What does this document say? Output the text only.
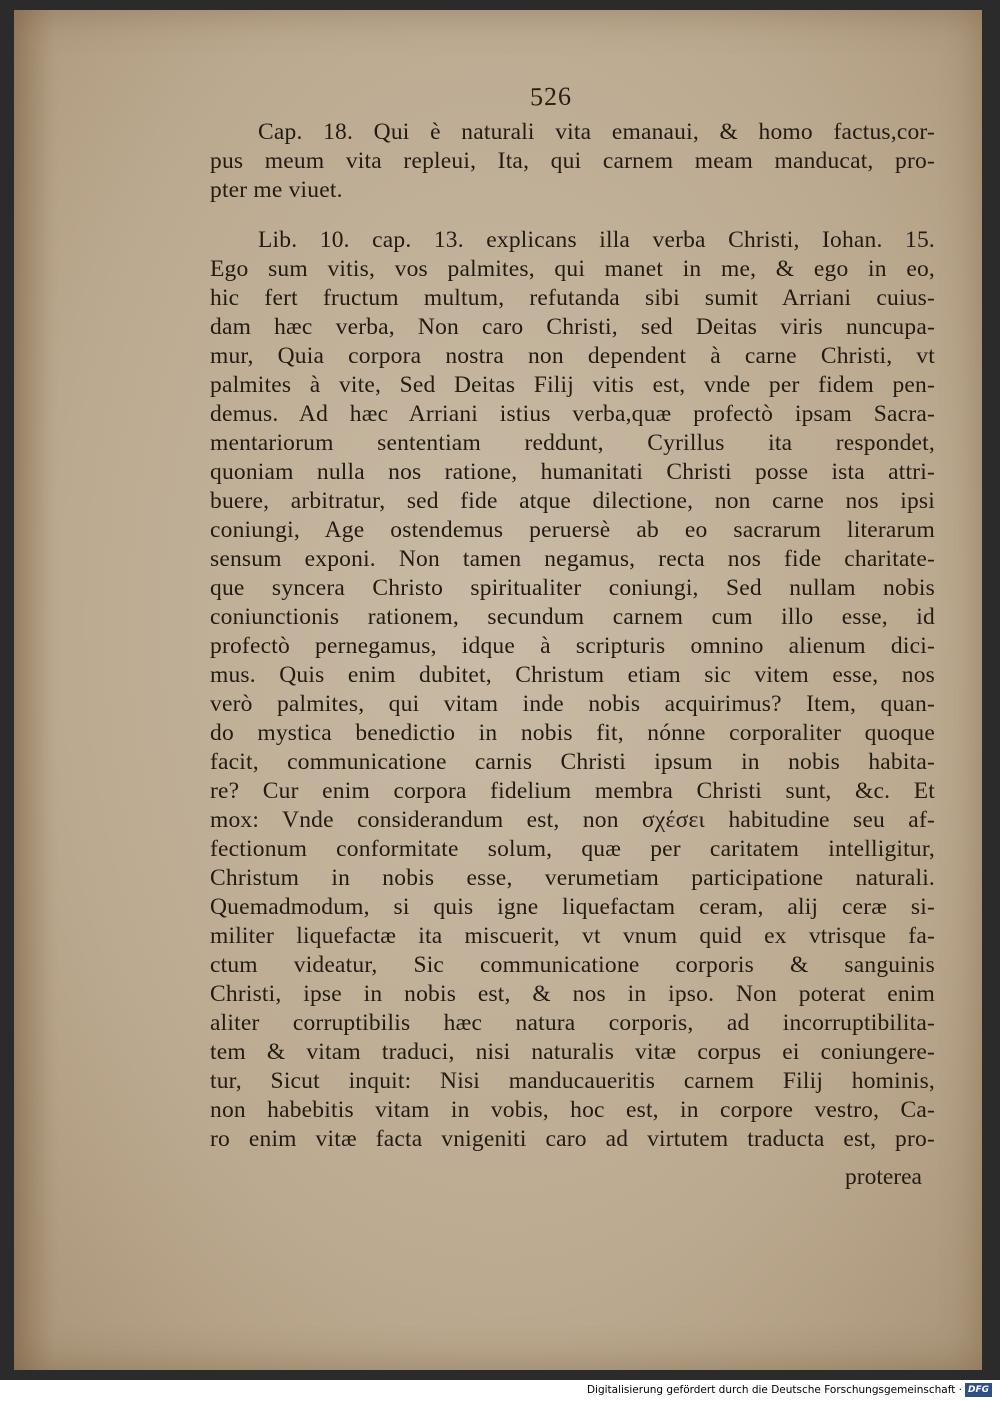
526
Cap. 18. Qui è naturali vita emanaui, & homo factus,cor-
pus meum vita repleui, Ita, qui carnem meam manducat, pro-
pter me viuet.
Lib. 10. cap. 13. explicans illa verba Christi, Iohan. 15.
Ego sum vitis, vos palmites, qui manet in me, & ego in eo,
hic fert fructum multum, refutanda sibi sumit Arriani cuius-
dam hæc verba, Non caro Christi, sed Deitas viris nuncupa-
mur, Quia corpora nostra non dependent à carne Christi, vt
palmites à vite, Sed Deitas Filij vitis est, vnde per fidem pen-
demus. Ad hæc Arriani istius verba,quæ profectò ipsam Sacra-
mentariorum sententiam reddunt, Cyrillus ita respondet,
quoniam nulla nos ratione, humanitati Christi posse ista attri-
buere, arbitratur, sed fide atque dilectione, non carne nos ipsi
coniungi, Age ostendemus peruersè ab eo sacrarum literarum
sensum exponi. Non tamen negamus, recta nos fide charitate-
que syncera Christo spiritualiter coniungi, Sed nullam nobis
coniunctionis rationem, secundum carnem cum illo esse, id
profectò pernegamus, idque à scripturis omnino alienum dici-
mus. Quis enim dubitet, Christum etiam sic vitem esse, nos
verò palmites, qui vitam inde nobis acquirimus? Item, quan-
do mystica benedictio in nobis fit, nónne corporaliter quoque
facit, communicatione carnis Christi ipsum in nobis habita-
re? Cur enim corpora fidelium membra Christi sunt, &c. Et
mox: Vnde considerandum est, non σχέσει habitudine seu af-
fectionum conformitate solum, quæ per caritatem intelligitur,
Christum in nobis esse, verumetiam participatione naturali.
Quemadmodum, si quis igne liquefactam ceram, alij ceræ si-
militer liquefactæ ita miscuerit, vt vnum quid ex vtrisque fa-
ctum videatur, Sic communicatione corporis & sanguinis
Christi, ipse in nobis est, & nos in ipso. Non poterat enim
aliter corruptibilis hæc natura corporis, ad incorruptibilita-
tem & vitam traduci, nisi naturalis vitæ corpus ei coniungere-
tur, Sicut inquit: Nisi manducaueritis carnem Filij hominis,
non habebitis vitam in vobis, hoc est, in corpore vestro, Ca-
ro enim vitæ facta vnigeniti caro ad virtutem traducta est, pro-
proterea
Digitalisierung gefördert durch die Deutsche Forschungsgemeinschaft · DFG
